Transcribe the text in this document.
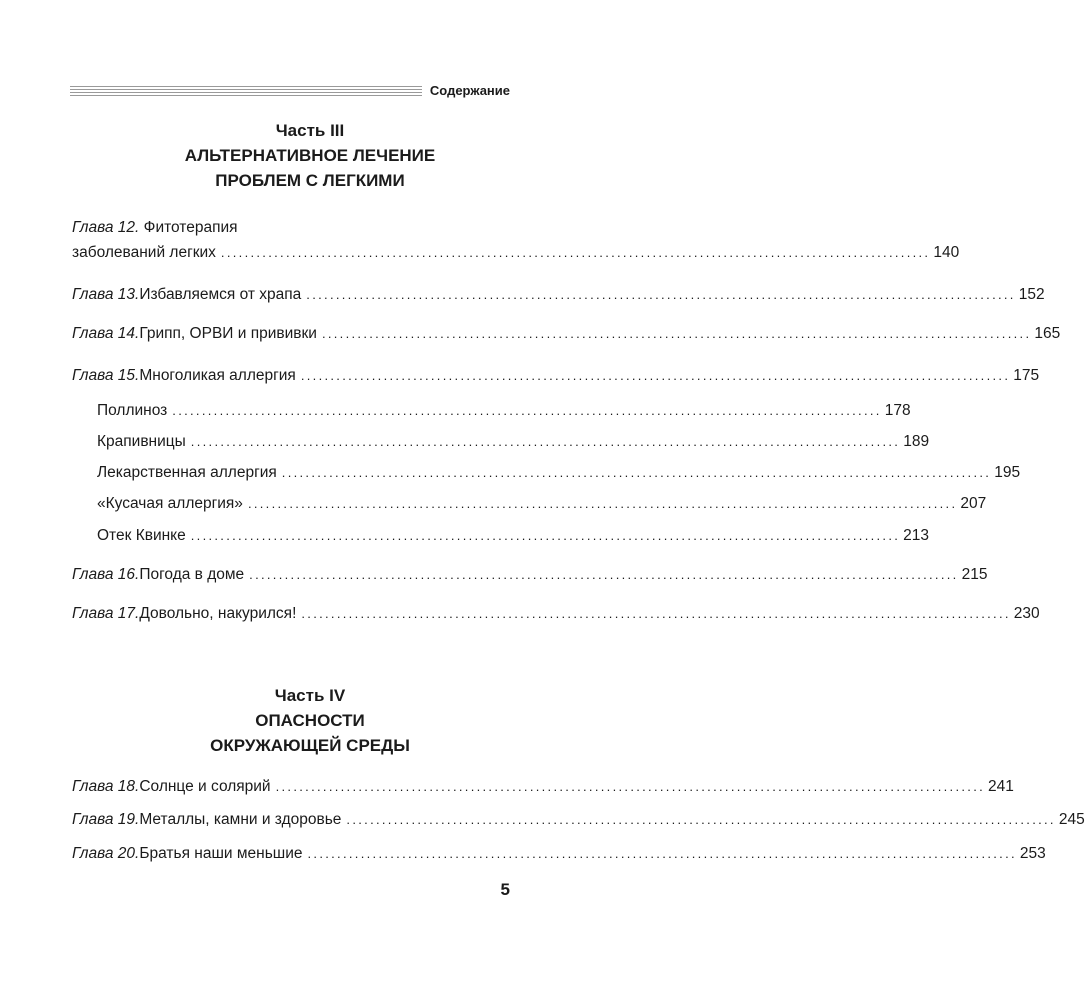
Содержание
Часть III
АЛЬТЕРНАТИВНОЕ ЛЕЧЕНИЕ
ПРОБЛЕМ С ЛЕГКИМИ
Глава 12. Фитотерапия
заболеваний легких ........................................................................................................................ 140
Глава 13. Избавляемся от храпа ........................................................................................................................ 152
Глава 14. Грипп, ОРВИ и прививки ........................................................................................................................ 165
Глава 15. Многоликая аллергия ........................................................................................................................ 175
Поллиноз ........................................................................................................................ 178
Крапивницы ........................................................................................................................ 189
Лекарственная аллергия ........................................................................................................................ 195
«Кусачая аллергия» ........................................................................................................................ 207
Отек Квинке ........................................................................................................................ 213
Глава 16. Погода в доме ........................................................................................................................ 215
Глава 17. Довольно, накурился! ........................................................................................................................ 230
Часть IV
ОПАСНОСТИ
ОКРУЖАЮЩЕЙ СРЕДЫ
Глава 18. Солнце и солярий ........................................................................................................................ 241
Глава 19. Металлы, камни и здоровье ........................................................................................................................ 245
Глава 20. Братья наши меньшие ........................................................................................................................ 253
5
